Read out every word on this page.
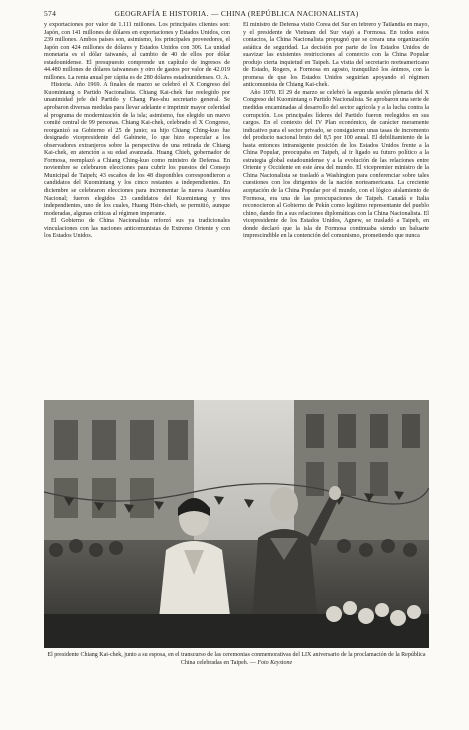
574	GEOGRAFÍA E HISTORIA. — CHINA (REPÚBLICA NACIONALISTA)

y exportaciones por valor de 1.111 millones. Los principales clientes son: Japón, con 141 millones de dólares en exportaciones y Estados Unidos, con 239 millones. Ambos países son, asimismo, los principales proveedores, el Japón con 424 millones de dólares y Estados Unidos con 306. La unidad monetaria es el dólar taiwanés, al cambio de 40 de ellos por dólar estadounidense. El presupuesto comprende un capítulo de ingresos de 44.480 millones de dólares taiwaneses y otro de gastos por valor de 42.019 millones. La renta anual per cápita es de 280 dólares estadounidenses. O. A.

Historia. Año 1969. A finales de marzo se celebró el X Congreso del Kuomintang o Partido Nacionalista. Chiang Kai-chek fue reelegido por unanimidad jefe del Partido y Chang Pao-shu secretario general. Se aprobaron diversas medidas para llevar adelante e imprimir mayor celeridad al programa de modernización de la isla; asimismo, fue elegido un nuevo comité central de 99 personas. Chiang Kai-chek, celebrado el X Congreso, reorganizó su Gobierno el 25 de junio; su hijo Chiang Ching-kuo fue designado vicepresidente del Gabinete, lo que hizo especular a los observadores extranjeros sobre la perspectiva de una retirada de Chiang Kai-chek, en atención a su edad avanzada. Huang Chieh, gobernador de Formosa, reemplazó a Chiang Ching-kuo como ministro de Defensa. En noviembre se celebraron elecciones para cubrir los puestos del Consejo Municipal de Taipeh; 43 escaños de los 48 disponibles correspondieron a candidatos del Kuomintang y los cinco restantes a independientes. En diciembre se celebraron elecciones para incrementar la nueva Asamblea Nacional; fueron elegidos 23 candidatos del Kuomintang y tres independientes, uno de los cuales, Huang Hsin-chieh, se permitió, aunque moderadas, algunas críticas al régimen imperante.

El Gobierno de China Nacionalista reforzó sus ya tradicionales vinculaciones con las naciones anticomunistas de Extremo Oriente y con los Estados Unidos.

El ministro de Defensa visitó Corea del Sur en febrero y Tailandia en mayo, y el presidente de Vietnam del Sur viajó a Formosa. En todos estos contactos, la China Nacionalista propugnó que se creara una organización asiática de seguridad. La decisión por parte de los Estados Unidos de suavizar las existentes restricciones al comercio con la China Popular produjo cierta inquietud en Taipeh. La visita del secretario norteamericano de Estado, Rogers, a Formosa en agosto, tranquilizó los ánimos, con la promesa de que los Estados Unidos seguirían apoyando el régimen anticomunista de Chiang Kai-chek.

Año 1970. El 29 de marzo se celebró la segunda sesión plenaria del X Congreso del Kuomintang o Partido Nacionalista. Se aprobaron una serie de medidas encaminadas al desarrollo del sector agrícola y a la lucha contra la corrupción. Los principales líderes del Partido fueron reelegidos en sus cargos. En el contexto del IV Plan económico, de carácter meramente indicativo para el sector privado, se consiguieron unas tasas de incremento del producto nacional bruto del 8,5 por 100 anual. El debilitamiento de la hasta entonces intransigente posición de los Estados Unidos frente a la China Popular, preocupaba en Taipeh, al ir ligado su futuro político a la estrategia global estadounidense y a la evolución de las relaciones entre Oriente y Occidente en este área del mundo. El vicepremier ministro de la China Nacionalista se trasladó a Washington para conferenciar sobre tales cuestiones con los dirigentes de la nación norteamericana. La creciente aceptación de la China Popular por el mundo, con el lógico aislamiento de Formosa, era una de las preocupaciones de Taipeh. Canadá e Italia reconocieron al Gobierno de Pekín como legítimo representante del pueblo chino, dando fin a sus relaciones diplomáticas con la China Nacionalista. El vicepresidente de los Estados Unidos, Agnew, se trasladó a Taipeh, en donde declaró que la isla de Formosa continuaba siendo un baluarte imprescindible en la contención del comunismo, prometiendo que nunca

El presidente Chiang Kai-chek, junto a su esposa, en el transcurso de las ceremonias conmemorativas del LIX aniversario de la proclamación de la República China celebradas en Taipeh. — Foto Keystone
